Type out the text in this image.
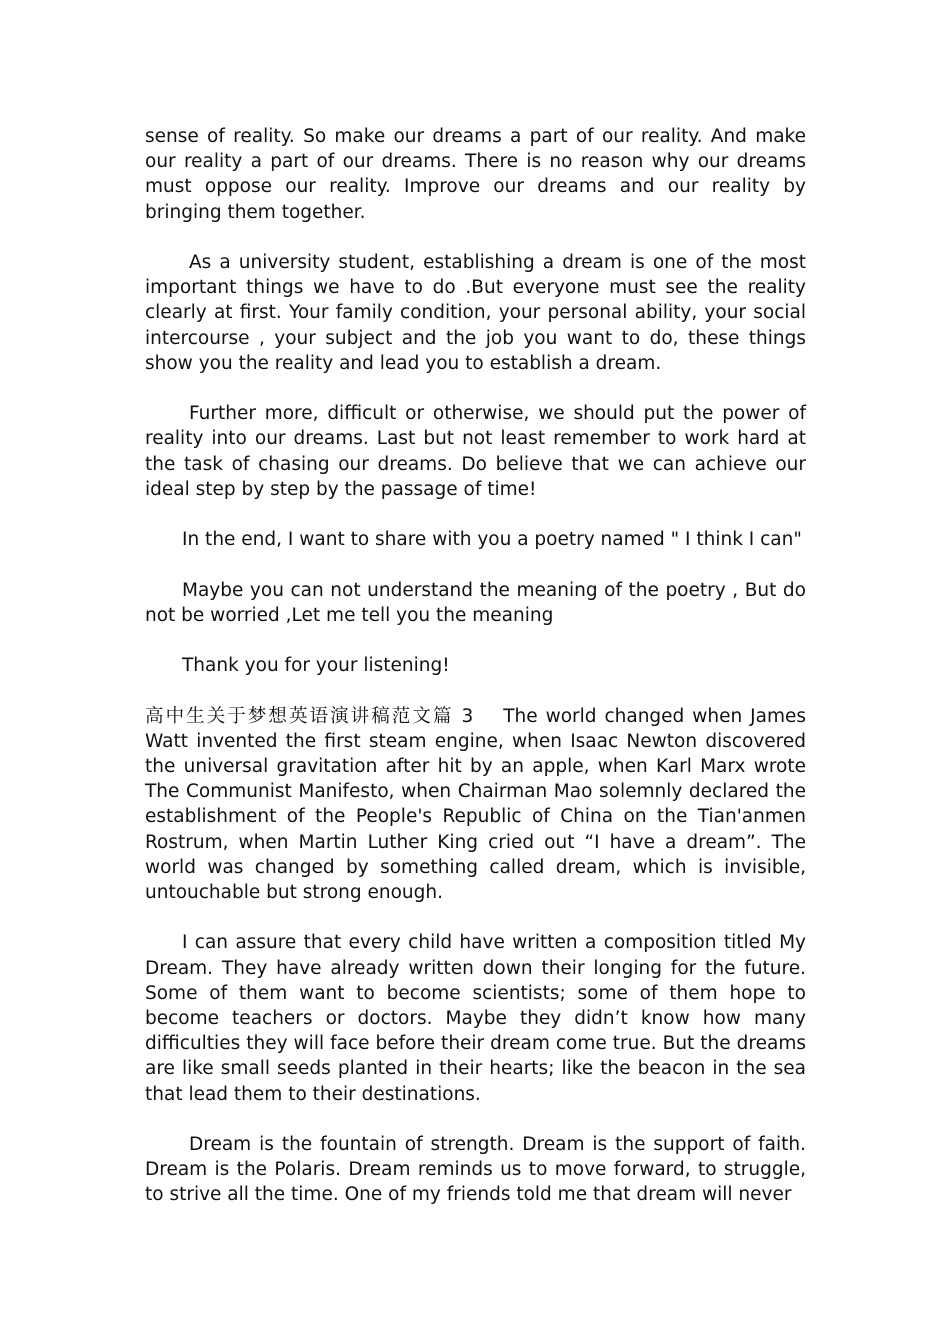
sense of reality. So make our dreams a part of our reality. And make our reality a part of our dreams. There is no reason why our dreams must oppose our reality. Improve our dreams and our reality by bringing them together.

As a university student, establishing a dream is one of the most important things we have to do .But everyone must see the reality clearly at first. Your family condition, your personal ability, your social intercourse , your subject and the job you want to do, these things show you the reality and lead you to establish a dream.

Further more, difficult or otherwise, we should put the power of reality into our dreams. Last but not least remember to work hard at the task of chasing our dreams. Do believe that we can achieve our ideal step by step by the passage of time!

In the end, I want to share with you a poetry named " I think I can"

Maybe you can not understand the meaning of the poetry , But do not be worried ,Let me tell you the meaning

Thank you for your listening!

高中生关于梦想英语演讲稿范文篇 3 The world changed when James Watt invented the first steam engine, when Isaac Newton discovered the universal gravitation after hit by an apple, when Karl Marx wrote The Communist Manifesto, when Chairman Mao solemnly declared the establishment of the People's Republic of China on the Tian'anmen Rostrum, when Martin Luther King cried out “I have a dream”. The world was changed by something called dream, which is invisible, untouchable but strong enough.

I can assure that every child have written a composition titled My Dream. They have already written down their longing for the future. Some of them want to become scientists; some of them hope to become teachers or doctors. Maybe they didn’t know how many difficulties they will face before their dream come true. But the dreams are like small seeds planted in their hearts; like the beacon in the sea that lead them to their destinations.

Dream is the fountain of strength. Dream is the support of faith. Dream is the Polaris. Dream reminds us to move forward, to struggle, to strive all the time. One of my friends told me that dream will never
